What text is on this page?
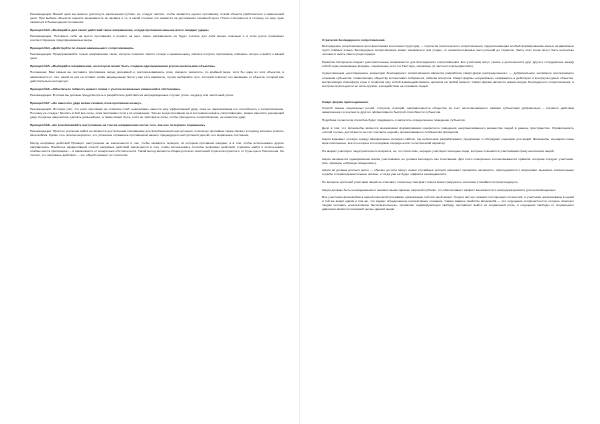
Рекомендация: Вашей цели вы можете достигнуть различными путями, но, следуя тактике, чтобы захватить одного противнику точкой объекта приблизиться к намеченной цели. При выборе объектов оцените возможность их захвата и то, в какой степени это окажется на достижении основной цели. Плохо отклоняться в сторону, но еще хуже оказаться в безвыходном положении.

Принцип №3. «Выбирайте для своих действий такое направление, откуда противник меньше всего ожидает удара»

Рекомендация: Поставьте себя на место противника и решите за него, какое направление он будет считать для себя менее опасным и в этом русле принимает соответствующие предпринимаемые меры.

Принцип №4. «Действуйте по линии наименьшего сопротивления»

Рекомендация: Предпринимайте только направление такое, которое позволит свести потери к наименьшему, связать попутно противника, избежать потерь и выйти к вашей цели.

Принцип №5. «Выбирайте направление, на котором может быть создана одновременная угроза нескольким объектам»

Положение: Вам самым вы поставите противника перед дилеммой и, воспользовавшись этим, сможете захватить, по крайней мере, хотя бы один из этих объектов, в зависимости от того, какой из них он оставит слабо защищенным. Если у вас есть варианты, лучше выбирайте путь, который отвлечет его внимание от объекта, который вас действительно интересует.

Принцип №6. «Обеспечьте гибкость вашего плана с учетом возможных изменений в обстановке»

Рекомендация: В плане вы должны предусмотреть и разработать действия на непредвиденные случаи: успех, неудачу или частичный успех.

Принцип №7. «Не наносите удар всеми силами, пока противник начеку»

Рекомендация: История учит, что если противник не слишком слаб, невозможно нанести ему эффективный удар, пока не парализована его способность к сопротивлению. Поэтому не следует бросать в бой все силы, пока противник готов к их отражению. Только когда противник не в состоянии оказать сопротивление, можно наносить решающий удар. Когда вы нацелились сделать дальнейшее, а также может быть, если не чувствуете силы, чтобы преодолеть сопротивление, не наносите удар.

Принцип №8. «Не возобновляйте наступление на том же направлении после того, как оно потерпело поражение»

Рекомендация: Простое усиление войск не является достаточным основанием для возобновления наступления, поскольку противник также сможет в период затишья усилить свои войска. Кроме того, вполне вероятно, что успешное отражение противником нашего предыдущего наступления укрепит его моральное состояние.

Метод непрямых действий Принцип: наступление не заключается в том, чтобы захватить позиции, по которым противник ожидает, а в том, чтобы использовать другие направления. Наиболее эффективный способ непрямых действий заключается в том, чтобы использовать способы непрямых действий, стремясь найти и использовать слабые места противника — в зависимости от конкретных обстоятельств. Такой метод является общим для всех поколений стратегов прошлого, от Сунь-цзы и Наполеона. Он считал, что непрямые действия — это общий элемент их стратегии.

Стратегия безлидерного сопротивления.

Безлидерное сопротивление (или фантомная клеточная структура) — стратегия политического сопротивления, предполагающая особый формированию малых независимых групп (тайных ячеек). Безлидерное сопротивление может заниматься чем угодно, от ненасильственных выступлений до терактов. Часть этих ячеек могут быть несколько человек и иметь своего рода лидера.

Развитие Интернета создает дополнительные возможности для безлидерного сопротивления. Его участники могут узнать о деятельности друг друга и сотрудничать между собой через анонимные форумы, социальные сети и в Твиттере, например, (в частности фльорфелибо).

Существенным «достижением» концепции безлидерного сопротивления является разработка смарт-форм распределенного — добровольного непрямого коллективного сознания субъектом: позволяющие обществу коллективно собираться, избегая контроля. Смарт-формы «оружейных» «заражают» и действуют в контркультурных объектах, воспроизводя атмосферу игры и позволяя ему собой взаимодействовать целиком на любой момент. Смарт-форма является новым видом безлидерного сопротивления, в котором используется не сила оружия, а воздействие на сознание людей.

Смарт-форма присоединения.

Способ смены социальных ролей, статусов, позиций, направленности общества за счет несогласованного самими субъектами добровольно – игрового действия завершенного в контексте другого эффективного быстрой способности субъектов.

Подобная технология способна будет предвидеть и запретить определенное поведение субъектов.

Дело в том, что флэшмобы является механизмом формирования конкретного поведения неорганизованного множества людей в данное пространство. Управляемость «силой толпы» достигается за счет контакта «одной» организованного сообщества принципов.

Акция взрывает готовую череду официальных интернет-сайтов, где небольшие разрабатывают, предлагают и обсуждают сценарии для акций. Флэшмобы, сценарии очень многочисленные, все из которых в последнюю очередь носят политический характер.

На акциях участвуют люди различного возраста, но, по статистике, нередко участвуют молодые люди, которые становятся участниками сразу нескольких акций.

Акция начинается одновременно всеми участниками, но должна выглядеть как спонтанная. Для этого специально согласовываются правила, которым следуют участники. (См. примеры «образцы поведения»).

Акция не должна длиться долго — обычно до пяти минут, иначе случайные зрители начинают проявлять активность: присоединятся с вопросами, вызывать спасательные службы и правоохранительные органы, и тогда уже не будет эффекта неожиданности.

Не вопросы зрителей участники акций не отвечают, поскольку сам факт ответа может разрушить иллюзию стихийности происходящего.

Акции должны быть неожиданными и неизвестными заранее широкой публике, что обеспечивает эффект внезапности и непредсказуемости для непосвященных.

Все участники флэшмобов в нашей конечной программе организации той или иной акции. Тогда в них нет никаких посторонних личностей, и участники организованы в одной и той же акции одним и тем же, что задает определенное коллективное сознание. Самое важное свойство флэшмоба — это ощущение сопричастности, которое помогает людям осознать «коллективное бессознательное», проявляет индивидуальную свободу, заставляет выйти из социальной роли, и ощущение свободы от социального давления является основной целью данной акции.
